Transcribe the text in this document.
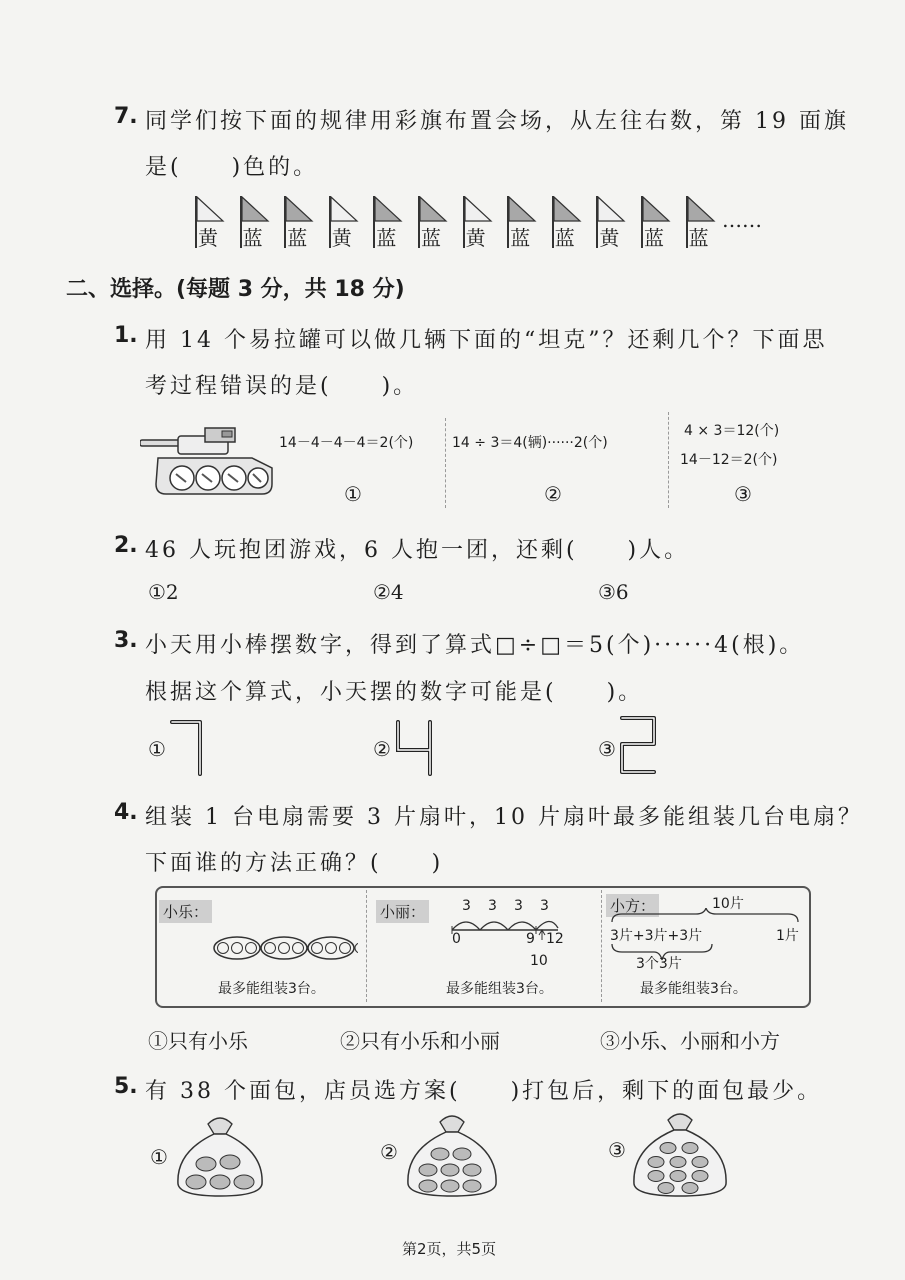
7. 同学们按下面的规律用彩旗布置会场，从左往右数，第 19 面旗
是(　　)色的。
黄 蓝 蓝 黄 蓝 蓝 黄 蓝 蓝 黄 蓝 蓝
……
二、选择。(每题 3 分，共 18 分)
1. 用 14 个易拉罐可以做几辆下面的“坦克”？还剩几个？下面思
考过程错误的是(　　)。
14－4－4－4＝2(个)	14 ÷ 3＝4(辆)······2(个)
4 × 3＝12(个)
14－12＝2(个)
①	②	③
2. 46 人玩抱团游戏，6 人抱一团，还剩(　　)人。
①2	②4	③6
3. 小天用小棒摆数字，得到了算式□÷□＝5(个)······4(根)。
根据这个算式，小天摆的数字可能是(　　)。
①	②	③
4. 组装 1 台电扇需要 3 片扇叶，10 片扇叶最多能组装几台电扇？
下面谁的方法正确？(　　)
小乐：
最多能组装3台。
小丽：	3 3 3 3
0	9 12
10
最多能组装3台。
小方：	10片
3片+3片+3片	1片
3个3片
最多能组装3台。
①只有小乐	②只有小乐和小丽	③小乐、小丽和小方
5. 有 38 个面包，店员选方案(　　)打包后，剩下的面包最少。
①	②	③
第2页，共5页
